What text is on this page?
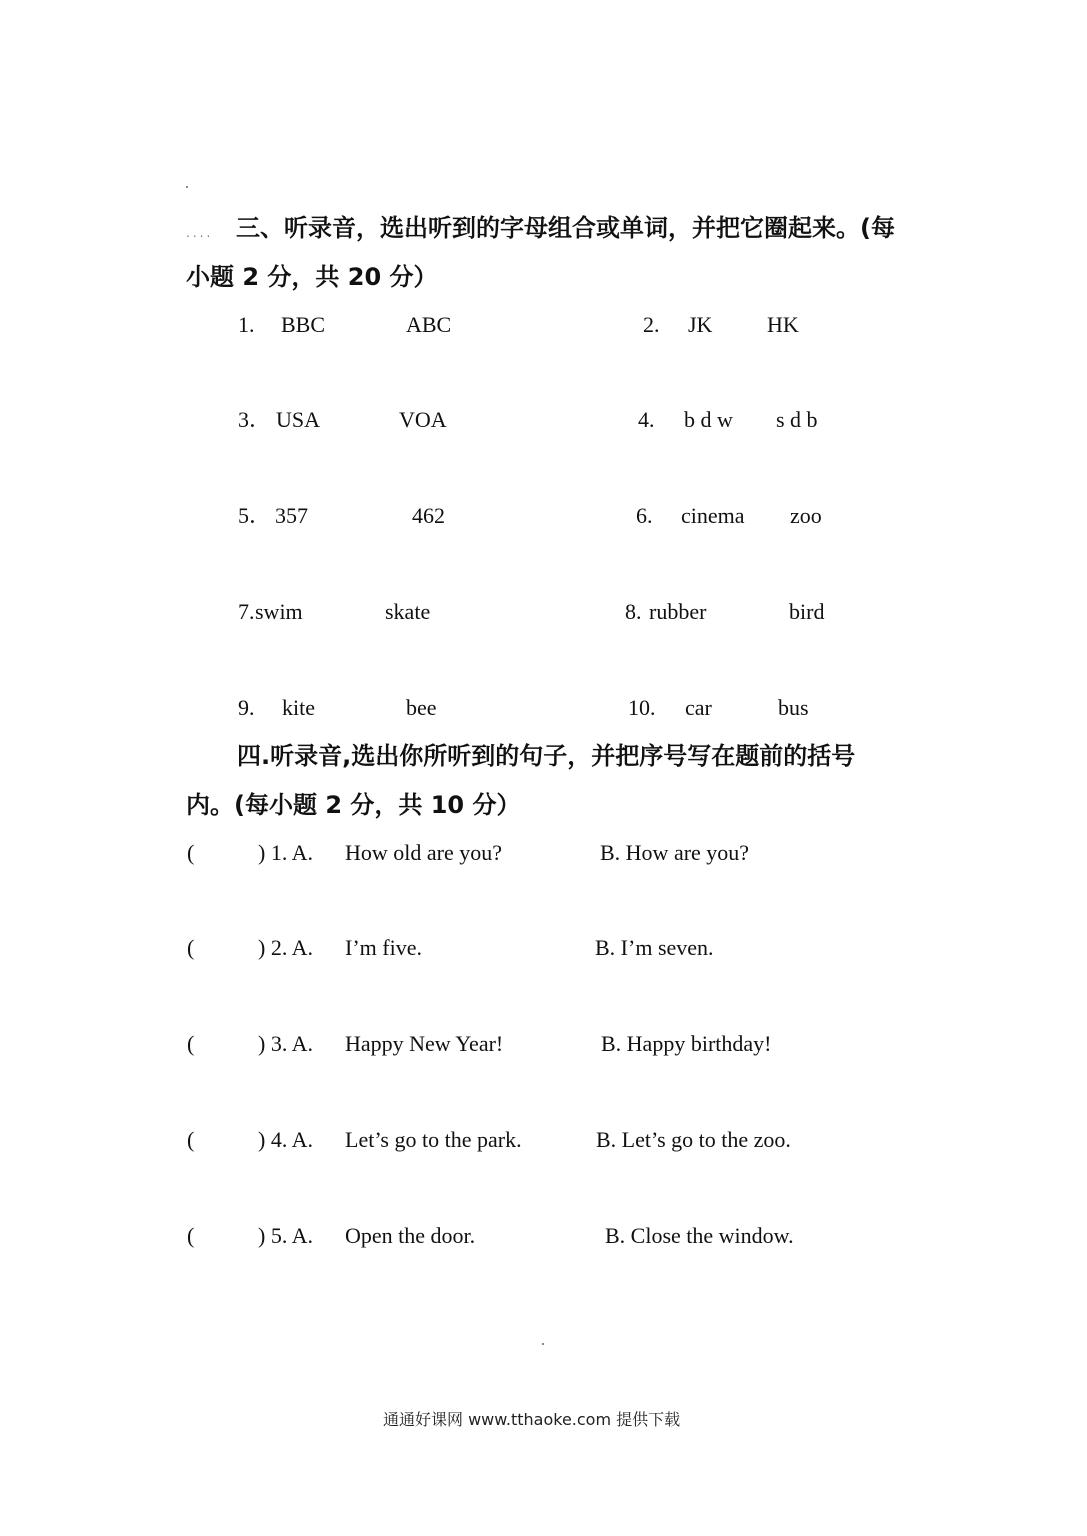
.... 三、听录音，选出听到的字母组合或单词，并把它圈起来。(每
小题 2 分，共 20 分）
1. BBC	ABC	2. JK HK
3． USA	VOA	4. b d w s d b
5． 357	462	6. cinema zoo
7. swim	skate	8. rubber	bird
9. kite	bee	10. car	bus
四.听录音,选出你所听到的句子，并把序号写在题前的括号
内。(每小题 2 分，共 10 分）
(	) 1. A. How old are you?	B. How are you?
(	) 2. A. I’m five.	B. I’m seven.
(	) 3. A. Happy New Year!	B. Happy birthday!
(	) 4. A. Let’s go to the park.	B. Let’s go to the zoo.
(	) 5. A. Open the door.	B. Close the window.
通通好课网 www.tthaoke.com 提供下载
